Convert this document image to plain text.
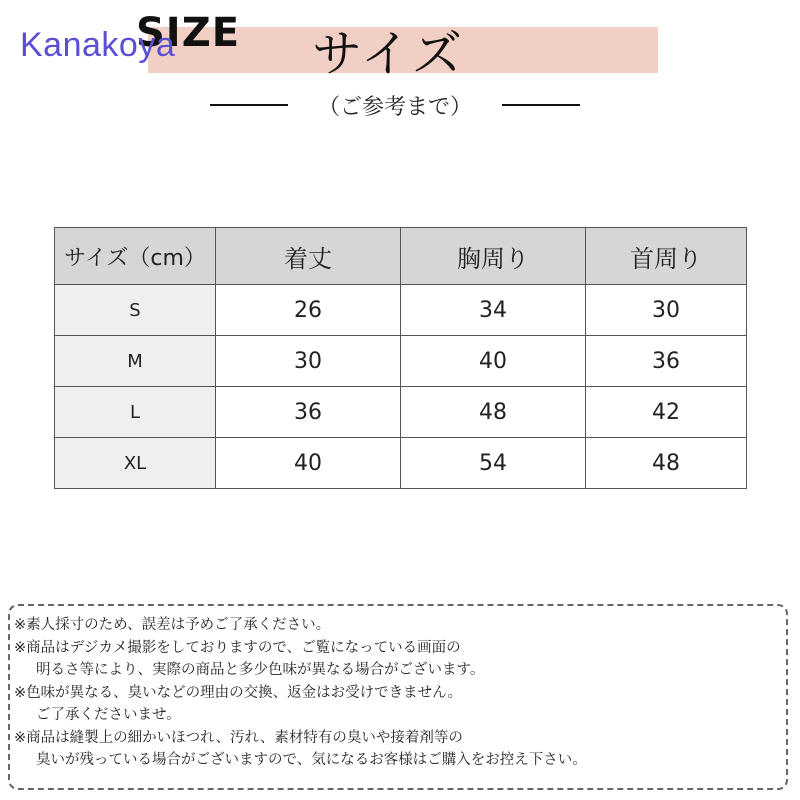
SIZE
Kanakoya	サイズ
（ご参考まで）
サイズ（cm）	着丈	胸周り	首周り
S	26	34	30
M	30	40	36
L	36	48	42
XL	40	54	48
※素人採寸のため、誤差は予めご了承ください。
※商品はデジカメ撮影をしておりますので、ご覧になっている画面の
明るさ等により、実際の商品と多少色味が異なる場合がございます。
※色味が異なる、臭いなどの理由の交換、返金はお受けできません。
ご了承くださいませ。
※商品は縫製上の細かいほつれ、汚れ、素材特有の臭いや接着剤等の
臭いが残っている場合がございますので、気になるお客様はご購入をお控え下さい。
